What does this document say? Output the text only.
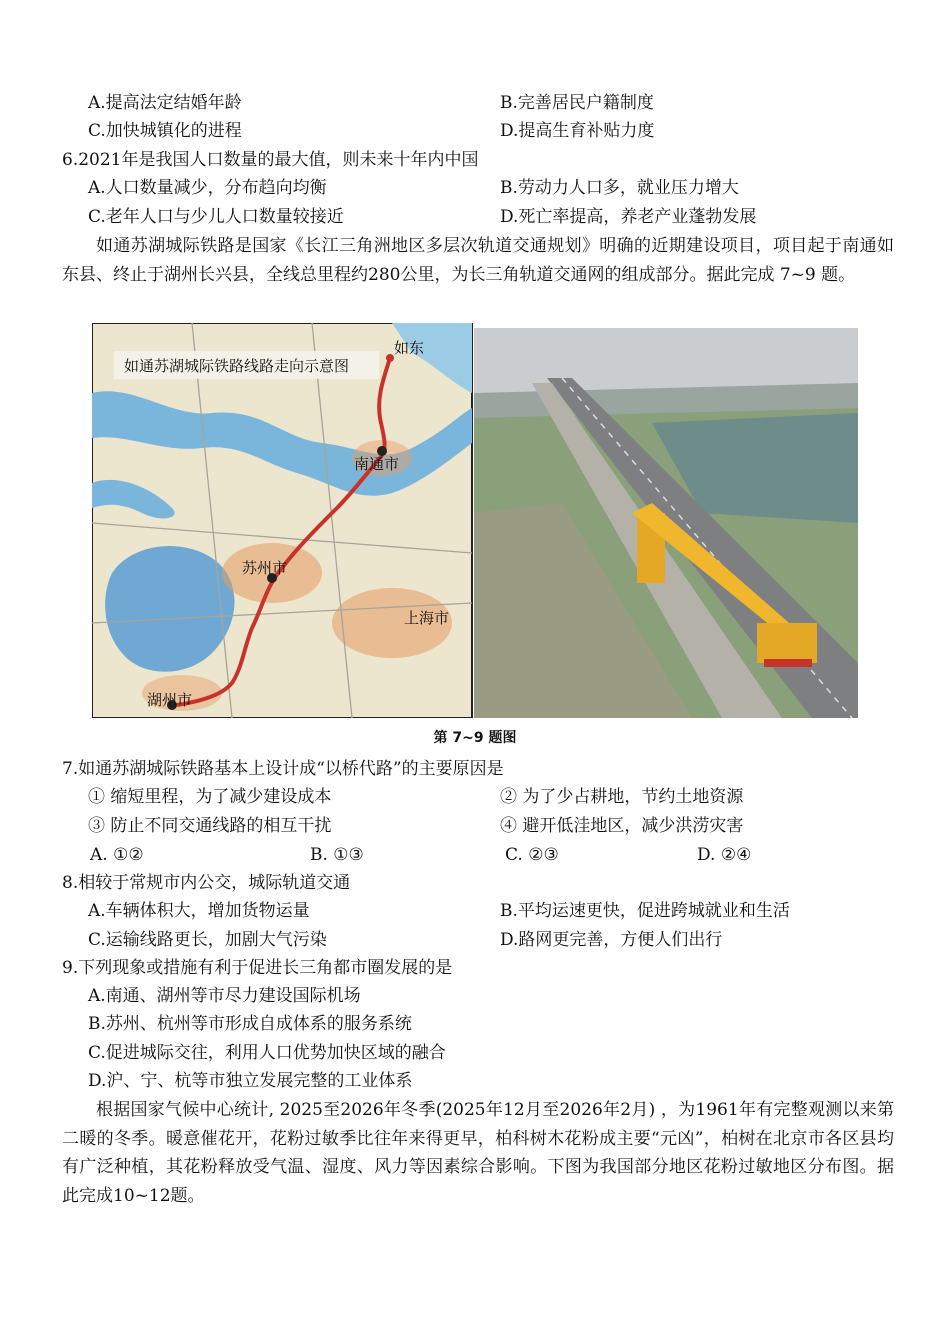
A.提高法定结婚年龄	B.完善居民户籍制度
C.加快城镇化的进程	D.提高生育补贴力度
6.2021年是我国人口数量的最大值，则未来十年内中国
A.人口数量减少，分布趋向均衡	B.劳动力人口多，就业压力增大
C.老年人口与少儿人口数量较接近	D.死亡率提高，养老产业蓬勃发展
如通苏湖城际铁路是国家《长江三角洲地区多层次轨道交通规划》明确的近期建设项目，项目起于南通如东县、终止于湖州长兴县，全线总里程约280公里，为长三角轨道交通网的组成部分。据此完成 7~9 题。
如通苏湖城际铁路线路走向示意图
如东
南通市
苏州市
上海市
湖州市
第 7~9 题图
7.如通苏湖城际铁路基本上设计成“以桥代路”的主要原因是
① 缩短里程，为了减少建设成本	② 为了少占耕地，节约土地资源
③ 防止不同交通线路的相互干扰	④ 避开低洼地区，减少洪涝灾害
A. ①②	B. ①③	C. ②③	D. ②④
8.相较于常规市内公交，城际轨道交通
A.车辆体积大，增加货物运量	B.平均运速更快，促进跨城就业和生活
C.运输线路更长，加剧大气污染	D.路网更完善，方便人们出行
9.下列现象或措施有利于促进长三角都市圈发展的是
A.南通、湖州等市尽力建设国际机场
B.苏州、杭州等市形成自成体系的服务系统
C.促进城际交往，利用人口优势加快区域的融合
D.沪、宁、杭等市独立发展完整的工业体系
根据国家气候中心统计, 2025至2026年冬季(2025年12月至2026年2月) ，为1961年有完整观测以来第二暖的冬季。暖意催花开，花粉过敏季比往年来得更早，柏科树木花粉成主要“元凶”，柏树在北京市各区县均有广泛种植，其花粉释放受气温、湿度、风力等因素综合影响。下图为我国部分地区花粉过敏地区分布图。据此完成10~12题。
